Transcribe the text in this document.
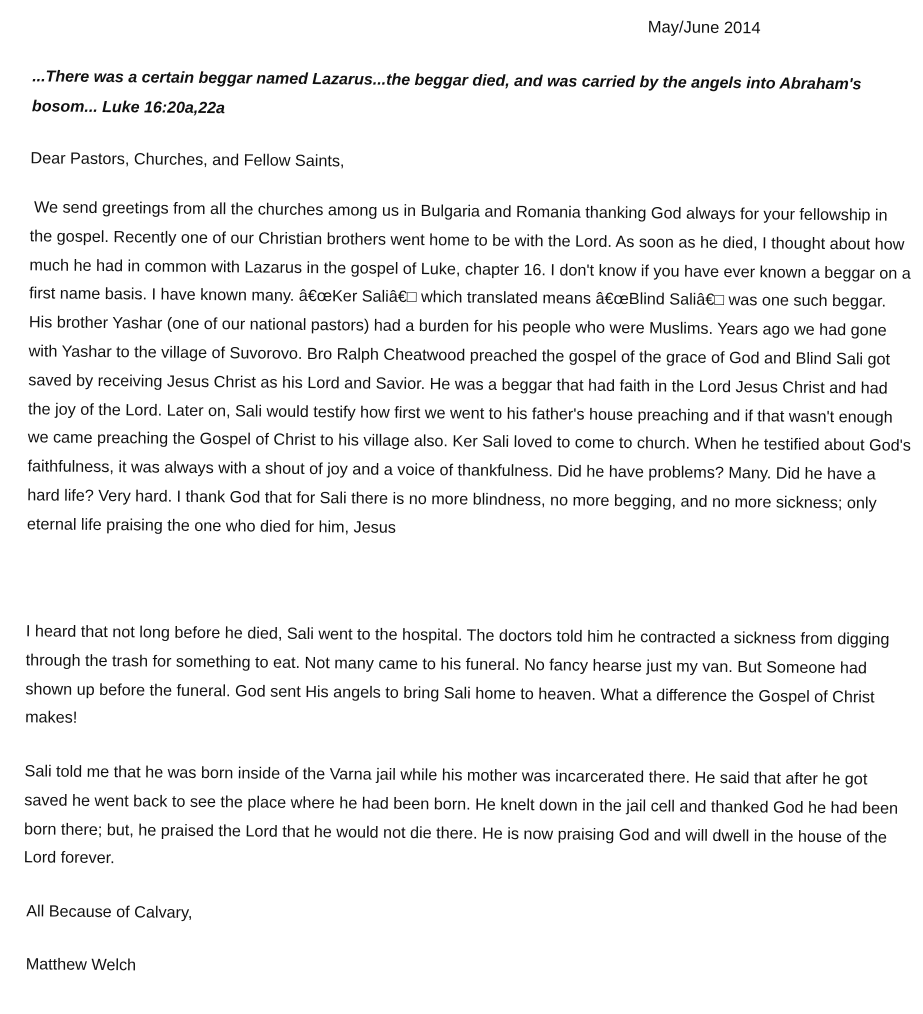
May/June 2014
...There was a certain beggar named Lazarus...the beggar died, and was carried by the angels into Abraham's bosom... Luke 16:20a,22a
Dear Pastors, Churches, and Fellow Saints,

We send greetings from all the churches among us in Bulgaria and Romania thanking God always for your fellowship in the gospel. Recently one of our Christian brothers went home to be with the Lord. As soon as he died, I thought about how much he had in common with Lazarus in the gospel of Luke, chapter 16. I don't know if you have ever known a beggar on a first name basis. I have known many. â€œKer Saliâ€□ which translated means â€œBlind Saliâ€□ was one such beggar. His brother Yashar (one of our national pastors) had a burden for his people who were Muslims. Years ago we had gone with Yashar to the village of Suvorovo. Bro Ralph Cheatwood preached the gospel of the grace of God and Blind Sali got saved by receiving Jesus Christ as his Lord and Savior. He was a beggar that had faith in the Lord Jesus Christ and had the joy of the Lord. Later on, Sali would testify how first we went to his father's house preaching and if that wasn't enough we came preaching the Gospel of Christ to his village also. Ker Sali loved to come to church. When he testified about God's faithfulness, it was always with a shout of joy and a voice of thankfulness. Did he have problems? Many. Did he have a hard life? Very hard. I thank God that for Sali there is no more blindness, no more begging, and no more sickness; only eternal life praising the one who died for him, Jesus

I heard that not long before he died, Sali went to the hospital. The doctors told him he contracted a sickness from digging through the trash for something to eat. Not many came to his funeral. No fancy hearse just my van. But Someone had shown up before the funeral. God sent His angels to bring Sali home to heaven. What a difference the Gospel of Christ makes!

Sali told me that he was born inside of the Varna jail while his mother was incarcerated there. He said that after he got saved he went back to see the place where he had been born. He knelt down in the jail cell and thanked God he had been born there; but, he praised the Lord that he would not die there. He is now praising God and will dwell in the house of the Lord forever.

All Because of Calvary,
Matthew Welch
